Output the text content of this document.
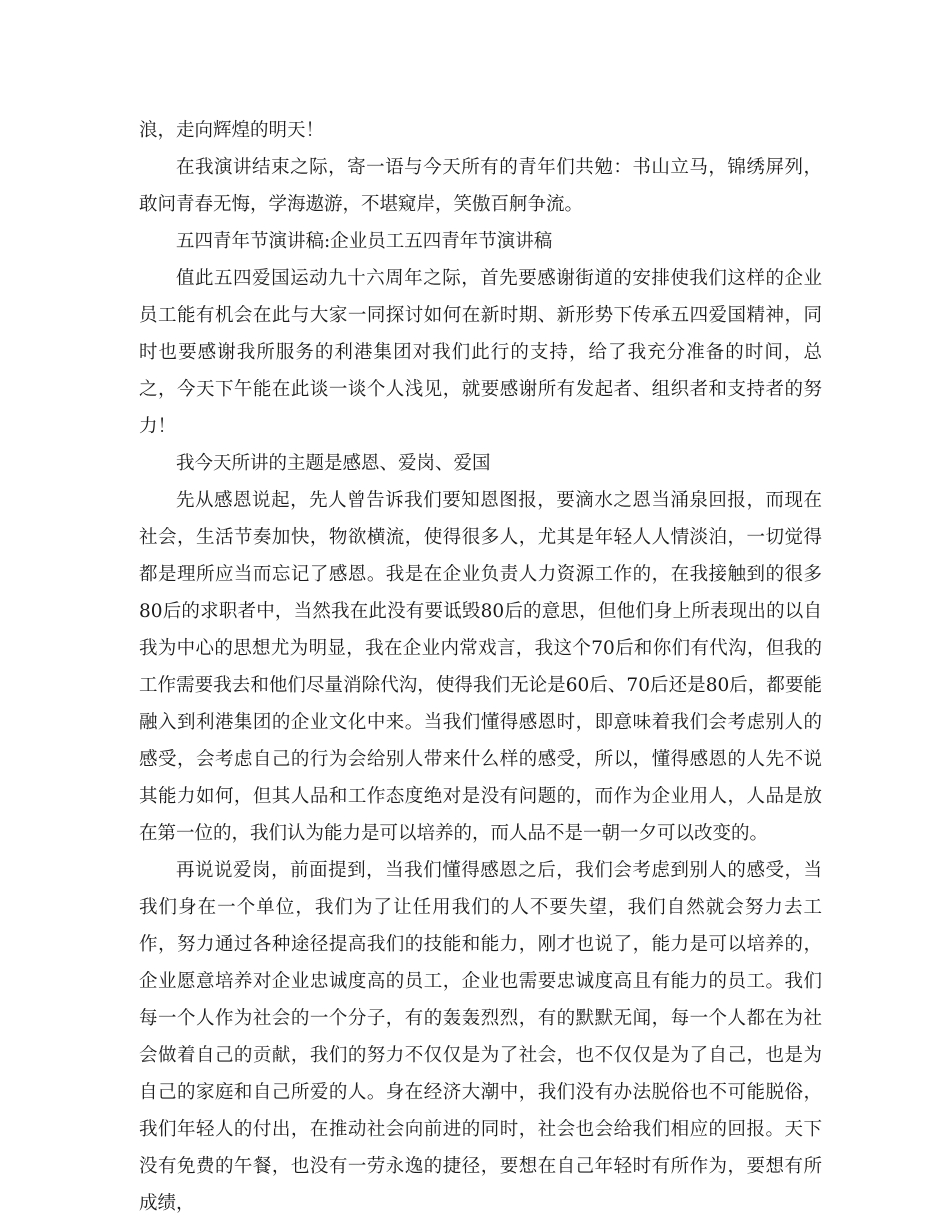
浪，走向辉煌的明天！

在我演讲结束之际，寄一语与今天所有的青年们共勉：书山立马，锦绣屏列，敢问青春无悔，学海遨游，不堪窥岸，笑傲百舸争流。

五四青年节演讲稿:企业员工五四青年节演讲稿

值此五四爱国运动九十六周年之际，首先要感谢街道的安排使我们这样的企业员工能有机会在此与大家一同探讨如何在新时期、新形势下传承五四爱国精神，同时也要感谢我所服务的利港集团对我们此行的支持，给了我充分准备的时间，总之，今天下午能在此谈一谈个人浅见，就要感谢所有发起者、组织者和支持者的努力！

我今天所讲的主题是感恩、爱岗、爱国

先从感恩说起，先人曾告诉我们要知恩图报，要滴水之恩当涌泉回报，而现在社会，生活节奏加快，物欲横流，使得很多人，尤其是年轻人人情淡泊，一切觉得都是理所应当而忘记了感恩。我是在企业负责人力资源工作的，在我接触到的很多80后的求职者中，当然我在此没有要诋毁80后的意思，但他们身上所表现出的以自我为中心的思想尤为明显，我在企业内常戏言，我这个70后和你们有代沟，但我的工作需要我去和他们尽量消除代沟，使得我们无论是60后、70后还是80后，都要能融入到利港集团的企业文化中来。当我们懂得感恩时，即意味着我们会考虑别人的感受，会考虑自己的行为会给别人带来什么样的感受，所以，懂得感恩的人先不说其能力如何，但其人品和工作态度绝对是没有问题的，而作为企业用人，人品是放在第一位的，我们认为能力是可以培养的，而人品不是一朝一夕可以改变的。

再说说爱岗，前面提到，当我们懂得感恩之后，我们会考虑到别人的感受，当我们身在一个单位，我们为了让任用我们的人不要失望，我们自然就会努力去工作，努力通过各种途径提高我们的技能和能力，刚才也说了，能力是可以培养的，企业愿意培养对企业忠诚度高的员工，企业也需要忠诚度高且有能力的员工。我们每一个人作为社会的一个分子，有的轰轰烈烈，有的默默无闻，每一个人都在为社会做着自己的贡献，我们的努力不仅仅是为了社会，也不仅仅是为了自己，也是为自己的家庭和自己所爱的人。身在经济大潮中，我们没有办法脱俗也不可能脱俗，我们年轻人的付出，在推动社会向前进的同时，社会也会给我们相应的回报。天下没有免费的午餐，也没有一劳永逸的捷径，要想在自己年轻时有所作为，要想有所成绩，
